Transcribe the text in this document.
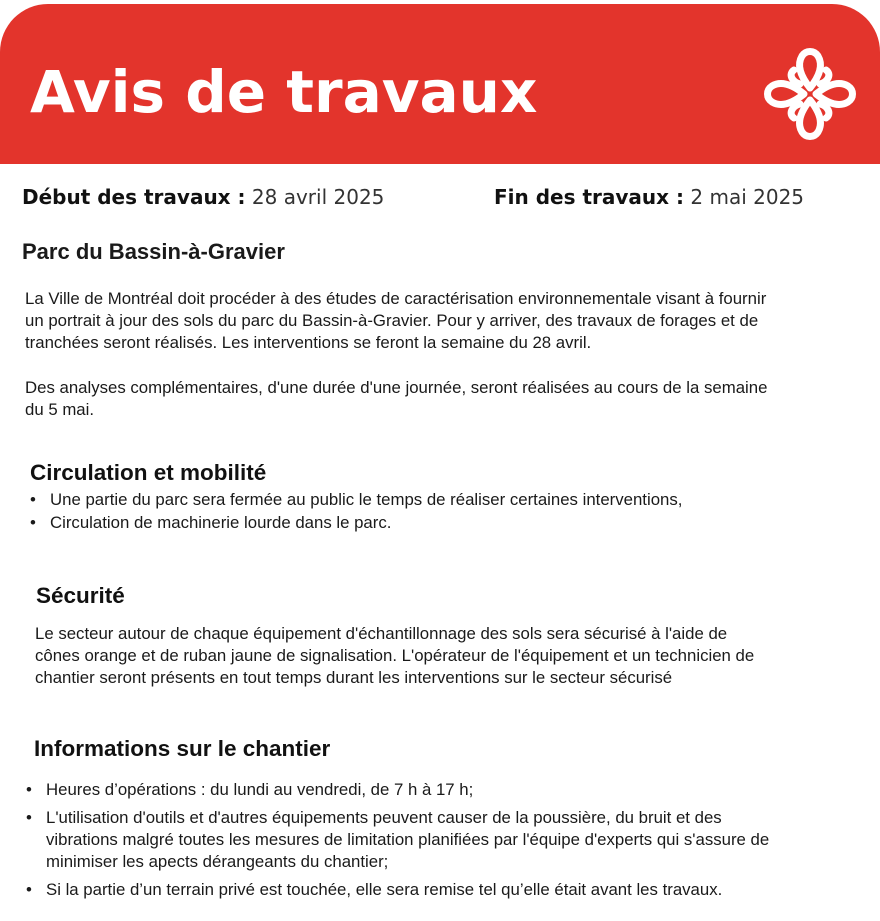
Avis de travaux
Début des travaux : 28 avril 2025	Fin des travaux : 2 mai 2025
Parc du Bassin-à-Gravier
La Ville de Montréal doit procéder à des études de caractérisation environnementale visant à fournir
un portrait à jour des sols du parc du Bassin-à-Gravier. Pour y arriver, des travaux de forages et de
tranchées seront réalisés. Les interventions se feront la semaine du 28 avril.
Des analyses complémentaires, d'une durée d'une journée, seront réalisées au cours de la semaine
du 5 mai.
Circulation et mobilité
• Une partie du parc sera fermée au public le temps de réaliser certaines interventions,
• Circulation de machinerie lourde dans le parc.
Sécurité
Le secteur autour de chaque équipement d'échantillonnage des sols sera sécurisé à l'aide de
cônes orange et de ruban jaune de signalisation. L'opérateur de l'équipement et un technicien de
chantier seront présents en tout temps durant les interventions sur le secteur sécurisé
Informations sur le chantier
• Heures d’opérations : du lundi au vendredi, de 7 h à 17 h;
• L'utilisation d'outils et d'autres équipements peuvent causer de la poussière, du bruit et des
vibrations malgré toutes les mesures de limitation planifiées par l'équipe d'experts qui s'assure de
minimiser les apects dérangeants du chantier;
• Si la partie d’un terrain privé est touchée, elle sera remise tel qu’elle était avant les travaux.
